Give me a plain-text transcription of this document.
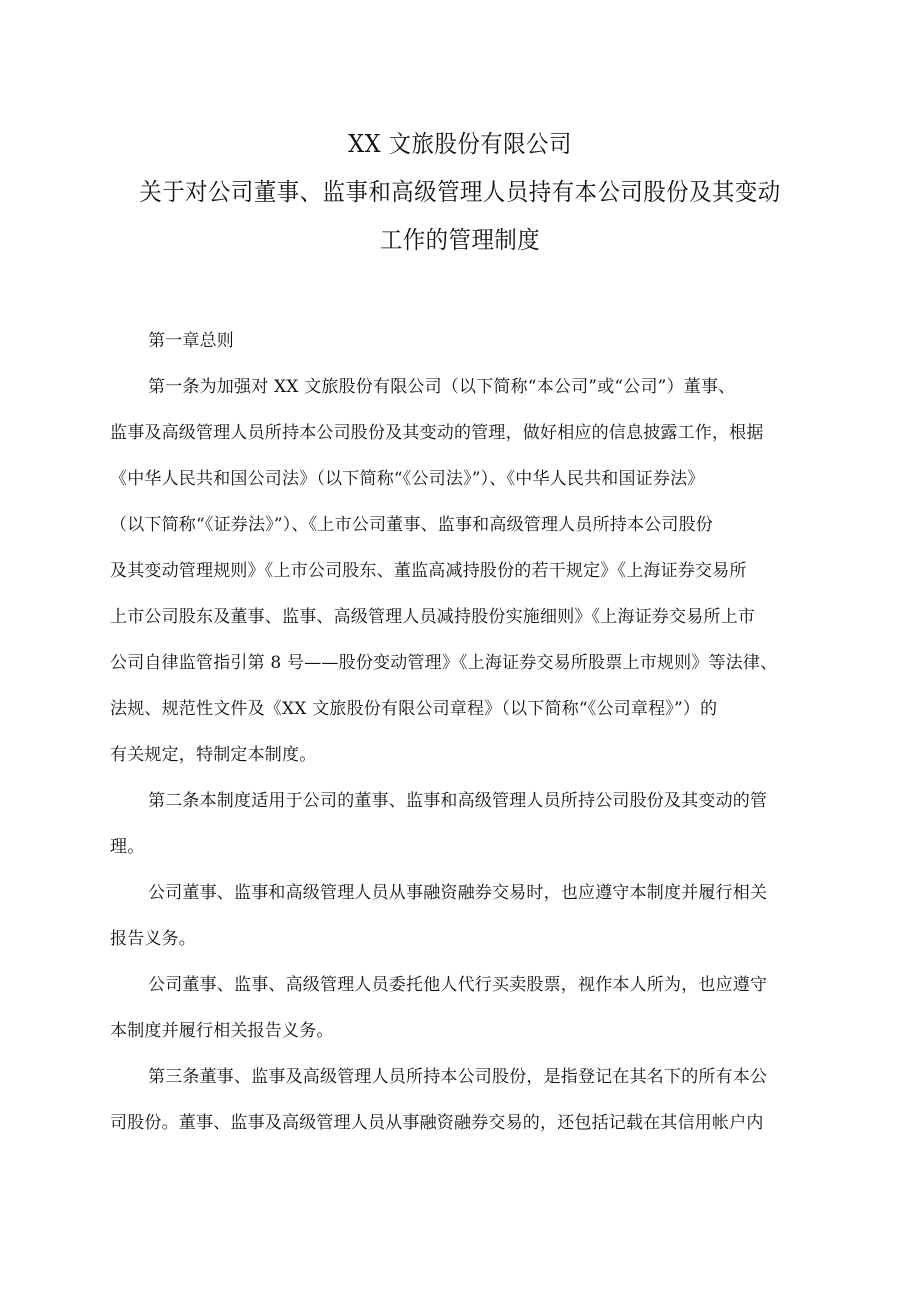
XX 文旅股份有限公司
关于对公司董事、监事和高级管理人员持有本公司股份及其变动
工作的管理制度
第一章总则
第一条为加强对 XX 文旅股份有限公司（以下简称“本公司”或“公司”）董事、
监事及高级管理人员所持本公司股份及其变动的管理，做好相应的信息披露工作，根据
《中华人民共和国公司法》（以下简称“《公司法》”）、《中华人民共和国证券法》
（以下简称“《证券法》”）、《上市公司董事、监事和高级管理人员所持本公司股份
及其变动管理规则》《上市公司股东、董监高减持股份的若干规定》《上海证券交易所
上市公司股东及董事、监事、高级管理人员减持股份实施细则》《上海证券交易所上市
公司自律监管指引第 8 号——股份变动管理》《上海证券交易所股票上市规则》等法律、
法规、规范性文件及《XX 文旅股份有限公司章程》（以下简称“《公司章程》”）的
有关规定，特制定本制度。
第二条本制度适用于公司的董事、监事和高级管理人员所持公司股份及其变动的管
理。
公司董事、监事和高级管理人员从事融资融券交易时，也应遵守本制度并履行相关
报告义务。
公司董事、监事、高级管理人员委托他人代行买卖股票，视作本人所为，也应遵守
本制度并履行相关报告义务。
第三条董事、监事及高级管理人员所持本公司股份，是指登记在其名下的所有本公
司股份。董事、监事及高级管理人员从事融资融券交易的，还包括记载在其信用帐户内
